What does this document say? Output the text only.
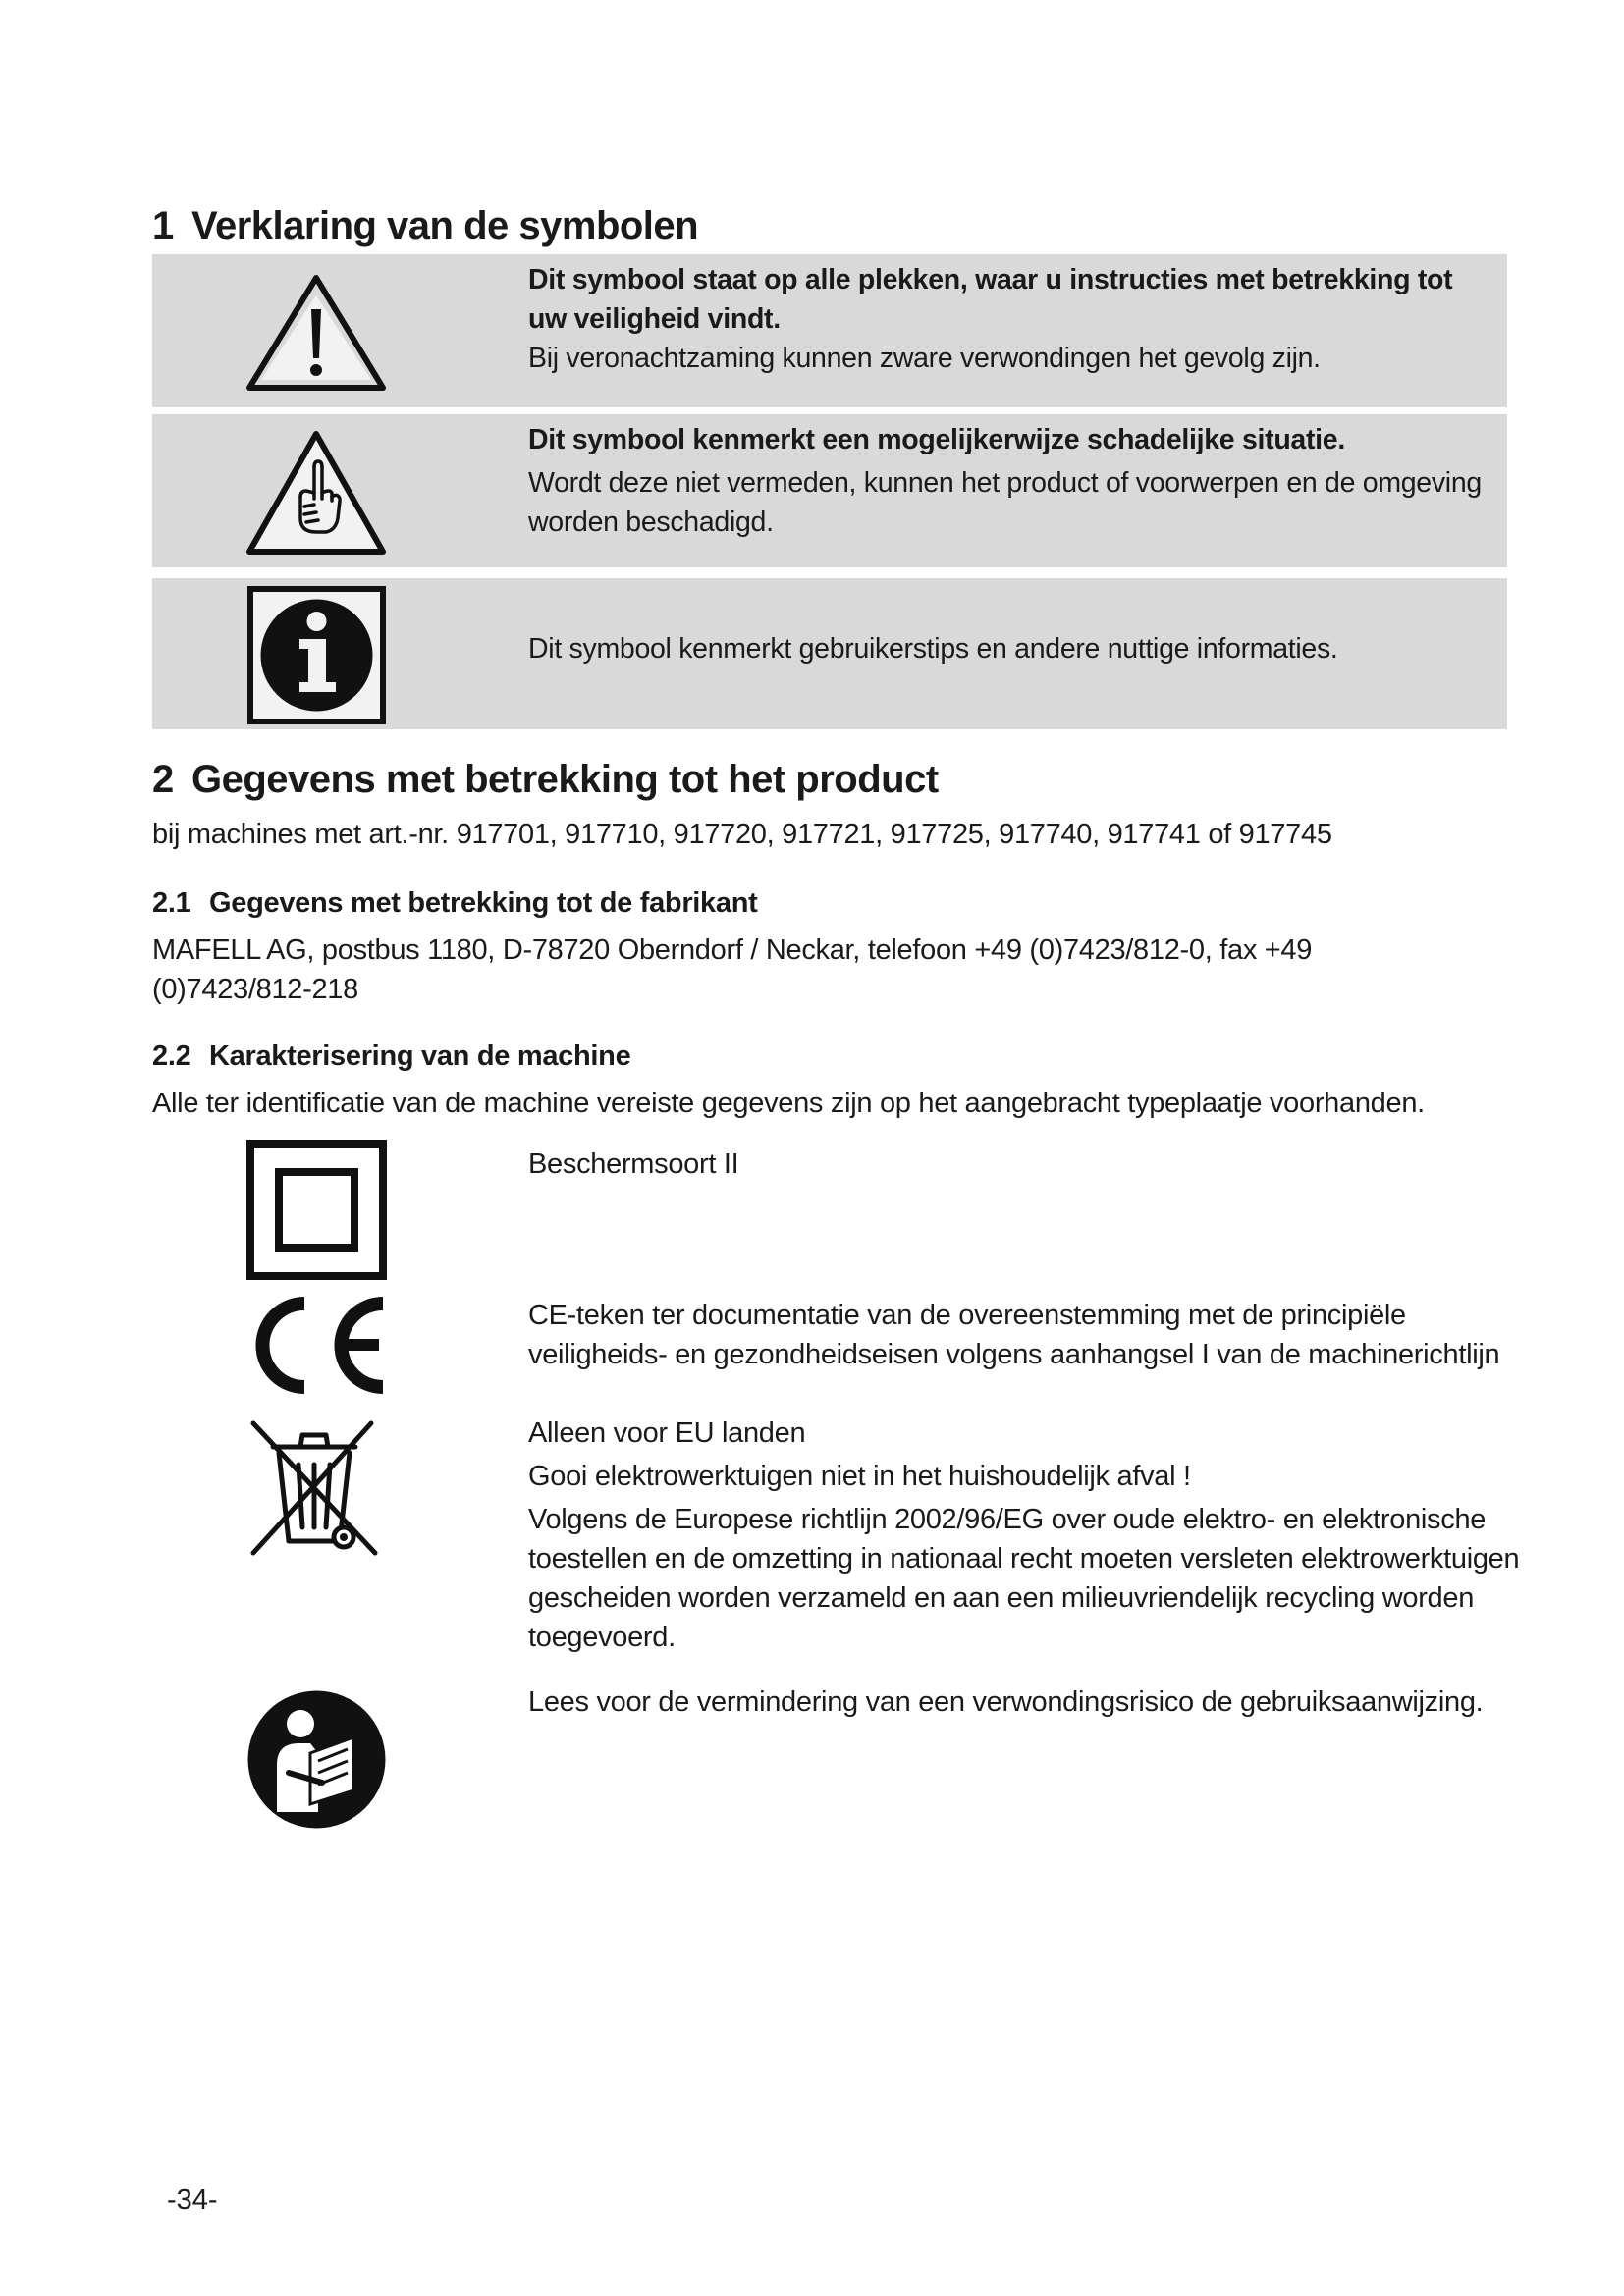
1 Verklaring van de symbolen
Dit symbool staat op alle plekken, waar u instructies met betrekking tot uw veiligheid vindt.
Bij veronachtzaming kunnen zware verwondingen het gevolg zijn.
Dit symbool kenmerkt een mogelijkerwijze schadelijke situatie.
Wordt deze niet vermeden, kunnen het product of voorwerpen en de omgeving worden beschadigd.
Dit symbool kenmerkt gebruikerstips en andere nuttige informaties.
2 Gegevens met betrekking tot het product
bij machines met art.-nr. 917701, 917710, 917720, 917721, 917725, 917740, 917741 of 917745
2.1 Gegevens met betrekking tot de fabrikant
MAFELL AG, postbus 1180, D-78720 Oberndorf / Neckar, telefoon +49 (0)7423/812-0, fax +49 (0)7423/812-218
2.2 Karakterisering van de machine
Alle ter identificatie van de machine vereiste gegevens zijn op het aangebracht typeplaatje voorhanden.
Beschermsoort II
CE-teken ter documentatie van de overeenstemming met de principiële veiligheids- en gezondheidseisen volgens aanhangsel I van de machinerichtlijn
Alleen voor EU landen
Gooi elektrowerktuigen niet in het huishoudelijk afval !
Volgens de Europese richtlijn 2002/96/EG over oude elektro- en elektronische toestellen en de omzetting in nationaal recht moeten versleten elektrowerktuigen gescheiden worden verzameld en aan een milieuvriendelijk recycling worden toegevoerd.
Lees voor de vermindering van een verwondingsrisico de gebruiksaanwijzing.
-34-
